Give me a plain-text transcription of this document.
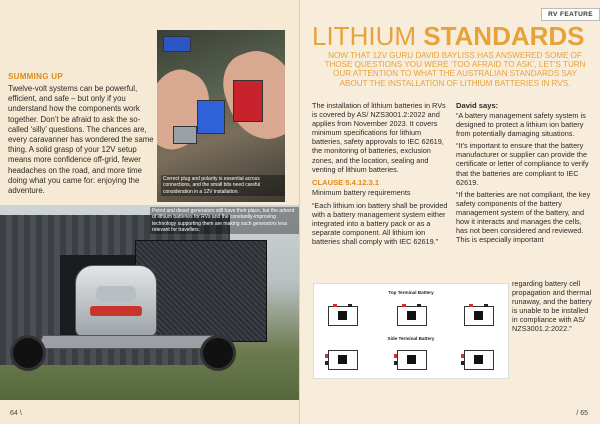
SUMMING UP

Twelve-volt systems can be powerful, efficient, and safe – but only if you understand how the components work together. Don’t be afraid to ask the so-called ‘silly’ questions. The chances are, every caravanner has wondered the same thing. A solid grasp of your 12V setup means more confidence off-grid, fewer headaches on the road, and more time doing what you came for: enjoying the adventure.

Correct plug and polarity is essential across connections, and the small bits need careful consideration in a 12V installation.
Petrol and diesel generators still have their place, but the advent of lithium batteries for RVs and the constantly-improving technology supporting them are making such generators less relevant for travellers.
64 \
RV FEATURE
LITHIUM STANDARDS

NOW THAT 12V GURU DAVID BAYLISS HAS ANSWERED SOME OF THOSE QUESTIONS YOU WERE ‘TOO AFRAID TO ASK’, LET’S TURN OUR ATTENTION TO WHAT THE AUSTRALIAN STANDARDS SAY ABOUT THE INSTALLATION OF LITHIUM BATTERIES IN RVS.

The installation of lithium batteries in RVs is covered by AS/ NZS3001.2:2022 and applies from November 2023. It covers minimum specifications for lithium batteries, safety approvals to IEC 62619, the monitoring of batteries, exclusion zones, and the location, sealing and venting of lithium batteries.

CLAUSE 5.4.12.3.1

Minimum battery requirements

“Each lithium ion battery shall be provided with a battery management system either integrated into a battery pack or as a separate component. All lithium ion batteries shall comply with IEC 62619.”

David says:

“A battery management safety system is designed to protect a lithium ion battery from potentially damaging situations.

“It’s important to ensure that the battery manufacturer or supplier can provide the certificate or letter of compliance to verify that the batteries are compliant to IEC 62619.

“If the batteries are not compliant, the key safety components of the battery management system of the battery, and how it interacts and manages the cells, has not been considered and reviewed. This is especially important

regarding battery cell propagation and thermal runaway, and the battery is unable to be installed in compliance with AS/ NZS3001.2:2022.”

Top Terminal Battery
Side Terminal Battery
/ 65
